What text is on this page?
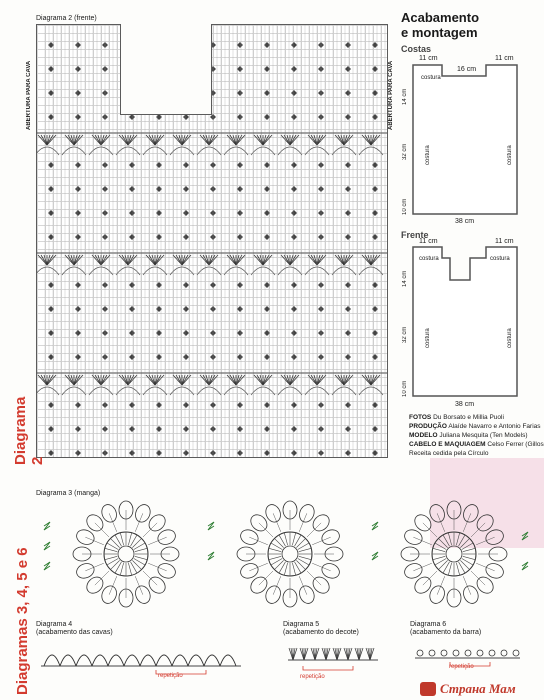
Diagrama 2 (frente)
ABERTURA PARA CAVA	ABERTURA PARA CAVA
Diagrama 2
Acabamento
e montagem
Costas
11 cm
16 cm
11 cm
costura
costura	costura
14 cm
32 cm
10 cm
38 cm
Frente
11 cm	11 cm
costura	costura
costura	costura
14 cm
32 cm
10 cm
38 cm
FOTOS Du Borsato e Millia Puoli
PRODUÇÃO Alaíde Navarro e Antonio Farias
MODELO Juliana Mesquita (Ten Models)
CABELO E MAQUIAGEM Celso Ferrer (Gillos
Receita cedida pela Círculo
Diagrama 3 (manga)
Diagramas 3, 4, 5 e 6 Diagrama 4
(acabamento das cavas)
repetição
Diagrama 5
(acabamento do decote)
repetição
Diagrama 6
(acabamento da barra)
repetição
Страна Мам
